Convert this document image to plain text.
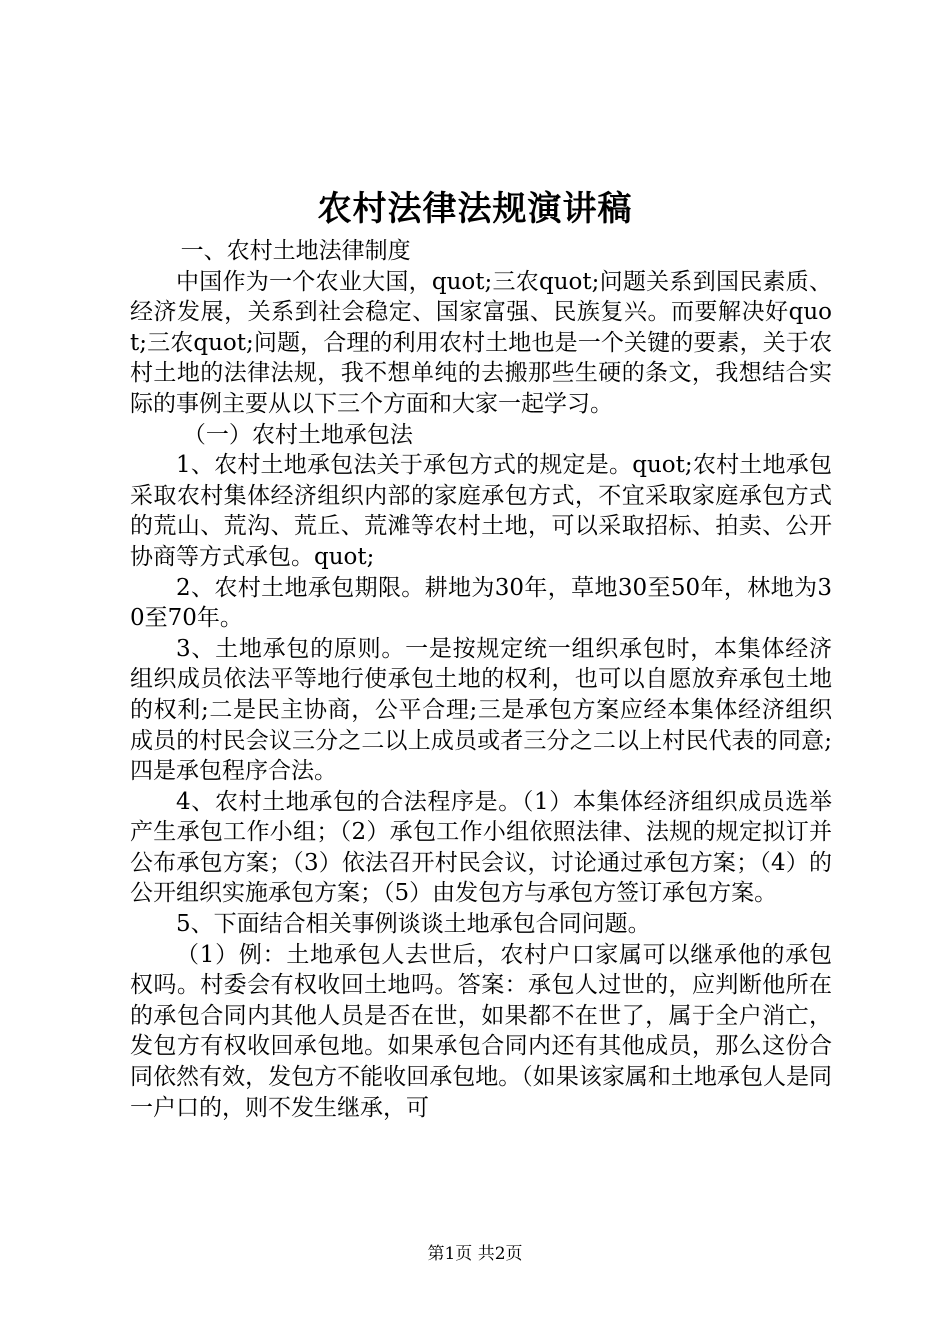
农村法律法规演讲稿

一、农村土地法律制度

中国作为一个农业大国，quot;三农quot;问题关系到国民素质、经济发展，关系到社会稳定、国家富强、民族复兴。而要解决好quot;三农quot;问题，合理的利用农村土地也是一个关键的要素，关于农村土地的法律法规，我不想单纯的去搬那些生硬的条文，我想结合实际的事例主要从以下三个方面和大家一起学习。

（一）农村土地承包法

1、农村土地承包法关于承包方式的规定是。quot;农村土地承包采取农村集体经济组织内部的家庭承包方式，不宜采取家庭承包方式的荒山、荒沟、荒丘、荒滩等农村土地，可以采取招标、拍卖、公开协商等方式承包。quot;

2、农村土地承包期限。耕地为30年，草地30至50年，林地为30至70年。

3、土地承包的原则。一是按规定统一组织承包时，本集体经济组织成员依法平等地行使承包土地的权利，也可以自愿放弃承包土地的权利;二是民主协商，公平合理;三是承包方案应经本集体经济组织成员的村民会议三分之二以上成员或者三分之二以上村民代表的同意;四是承包程序合法。

4、农村土地承包的合法程序是。（1）本集体经济组织成员选举产生承包工作小组；（2）承包工作小组依照法律、法规的规定拟订并公布承包方案；（3）依法召开村民会议，讨论通过承包方案；（4）的公开组织实施承包方案；（5）由发包方与承包方签订承包方案。

5、下面结合相关事例谈谈土地承包合同问题。

（1）例：土地承包人去世后，农村户口家属可以继承他的承包权吗。村委会有权收回土地吗。答案：承包人过世的，应判断他所在的承包合同内其他人员是否在世，如果都不在世了，属于全户消亡，发包方有权收回承包地。如果承包合同内还有其他成员，那么这份合同依然有效，发包方不能收回承包地。（如果该家属和土地承包人是同一户口的，则不发生继承，可

第1页 共2页
